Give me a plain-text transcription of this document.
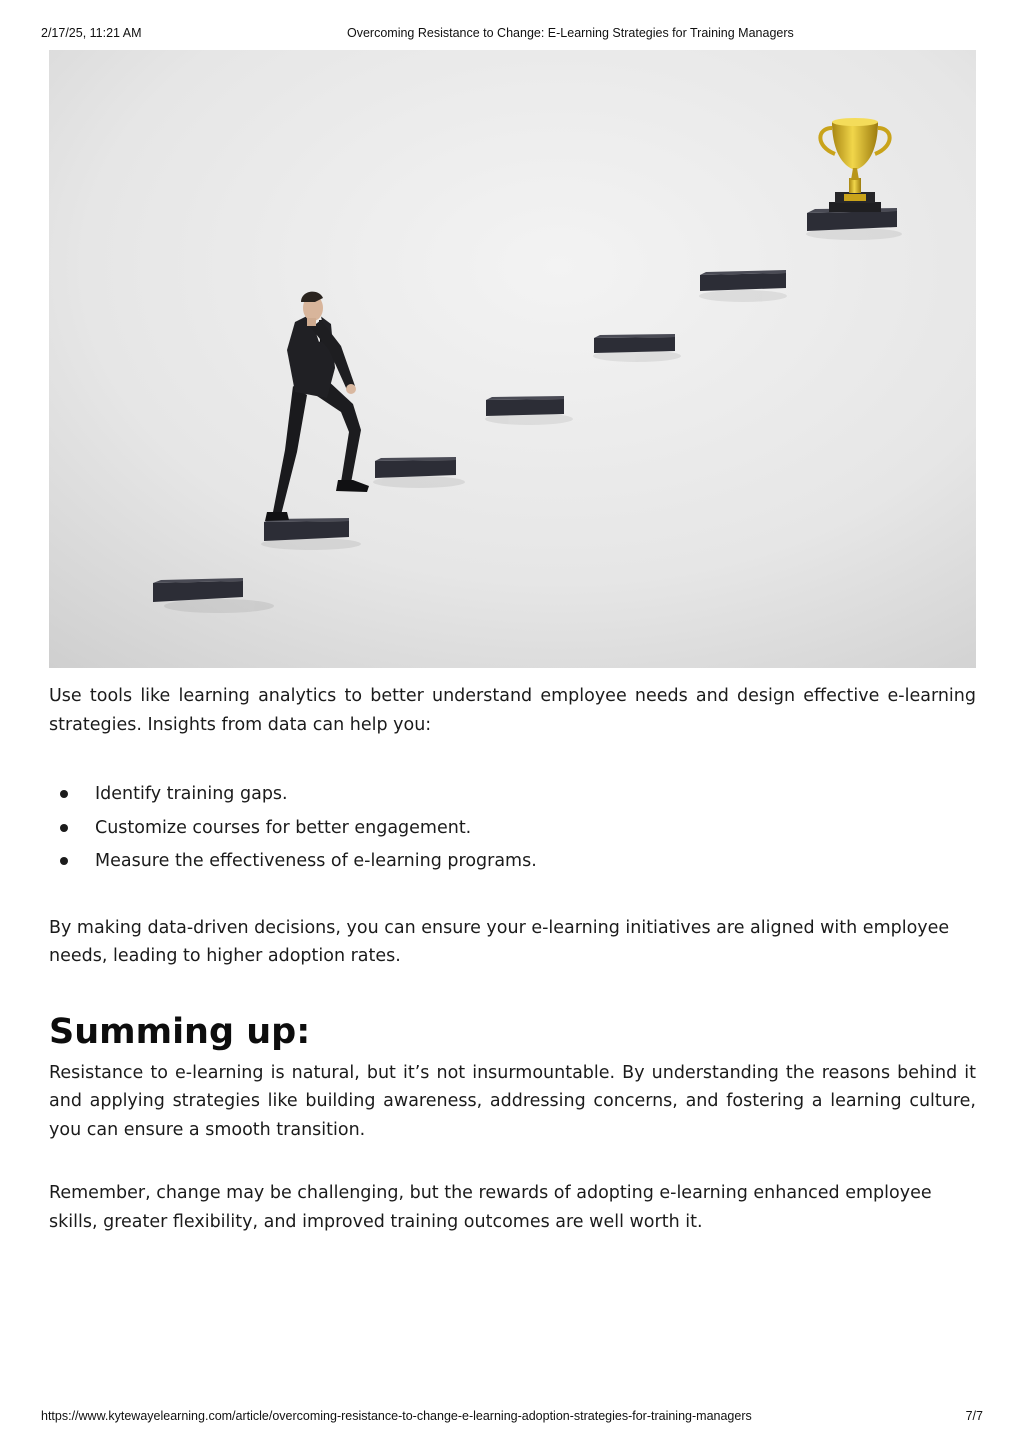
2/17/25, 11:21 AM	Overcoming Resistance to Change: E-Learning Strategies for Training Managers

Use tools like learning analytics to better understand employee needs and design effective e-learning strategies. Insights from data can help you:

Identify training gaps.
Customize courses for better engagement.
Measure the effectiveness of e-learning programs.

By making data-driven decisions, you can ensure your e-learning initiatives are aligned with employee needs, leading to higher adoption rates.

Summing up:

Resistance to e-learning is natural, but it’s not insurmountable. By understanding the reasons behind it and applying strategies like building awareness, addressing concerns, and fostering a learning culture, you can ensure a smooth transition.

Remember, change may be challenging, but the rewards of adopting e-learning enhanced employee skills, greater flexibility, and improved training outcomes are well worth it.

https://www.kytewayelearning.com/article/overcoming-resistance-to-change-e-learning-adoption-strategies-for-training-managers	7/7
